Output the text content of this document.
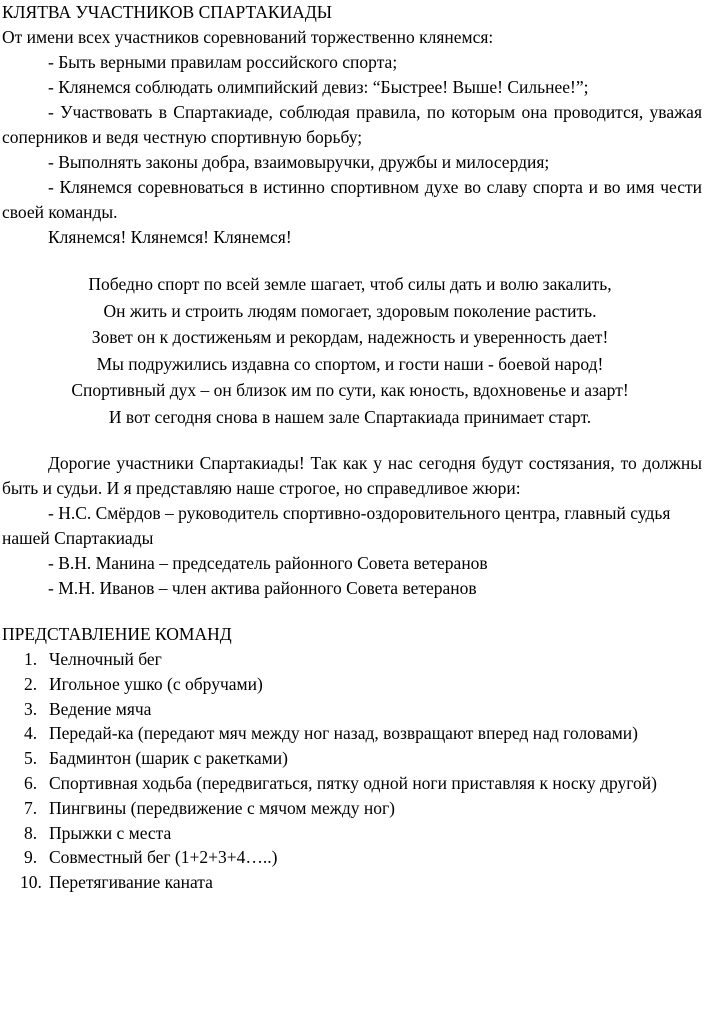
КЛЯТВА УЧАСТНИКОВ СПАРТАКИАДЫ

От имени всех участников соревнований торжественно клянемся:

- Быть верными правилам российского спорта;

- Клянемся соблюдать олимпийский девиз: “Быстрее! Выше! Сильнее!”;

- Участвовать в Спартакиаде, соблюдая правила, по которым она проводится, уважая соперников и ведя честную спортивную борьбу;

- Выполнять законы добра, взаимовыручки, дружбы и милосердия;

- Клянемся соревноваться в истинно спортивном духе во славу спорта и во имя чести своей команды.

Клянемся! Клянемся! Клянемся!

Победно спорт по всей земле шагает, чтоб силы дать и волю закалить,

Он жить и строить людям помогает, здоровым поколение растить.

Зовет он к достиженьям и рекордам, надежность и уверенность дает!

Мы подружились издавна со спортом, и гости наши - боевой народ!

Спортивный дух – он близок им по сути, как юность, вдохновенье и азарт!

И вот сегодня снова в нашем зале Спартакиада принимает старт.

Дорогие участники Спартакиады! Так как у нас сегодня будут состязания, то должны быть и судьи. И я представляю наше строгое, но справедливое жюри:

- Н.С. Смёрдов – руководитель спортивно-оздоровительного центра, главный судья нашей Спартакиады

- В.Н. Манина – председатель районного Совета ветеранов

- М.Н. Иванов – член актива районного Совета ветеранов

ПРЕДСТАВЛЕНИЕ КОМАНД

1. Челночный бег
2. Игольное ушко (с обручами)
3. Ведение мяча
4. Передай-ка (передают мяч между ног назад, возвращают вперед над головами)
5. Бадминтон (шарик с ракетками)
6. Спортивная ходьба (передвигаться, пятку одной ноги приставляя к носку другой)
7. Пингвины (передвижение с мячом между ног)
8. Прыжки с места
9. Совместный бег (1+2+3+4…..)
10. Перетягивание каната
